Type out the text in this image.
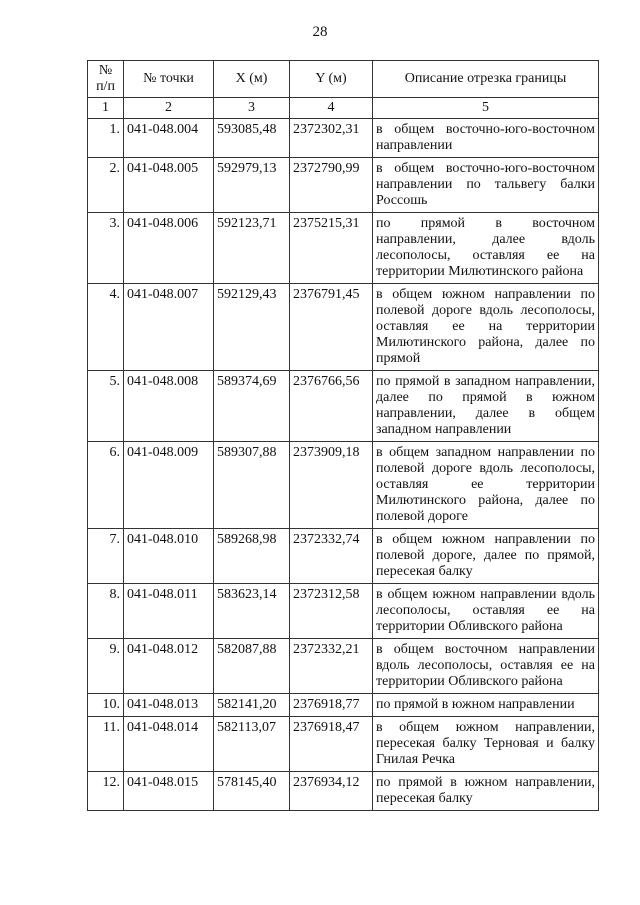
28
№
п/п	№ точки	X (м)	Y (м)	Описание отрезка границы
1	2	3	4	5
1.	041-048.004	593085,48	2372302,31	в общем восточно-юго-восточном направлении
2.	041-048.005	592979,13	2372790,99	в общем восточно-юго-восточном направлении по тальвегу балки Россошь
3.	041-048.006	592123,71	2375215,31	по прямой в восточном направлении, далее вдоль лесополосы, оставляя ее на территории Милютинского района
4.	041-048.007	592129,43	2376791,45	в общем южном направлении по полевой дороге вдоль лесополосы, оставляя ее на территории Милютинского района, далее по прямой
5.	041-048.008	589374,69	2376766,56	по прямой в западном направлении, далее по прямой в южном направлении, далее в общем западном направлении
6.	041-048.009	589307,88	2373909,18	в общем западном направлении по полевой дороге вдоль лесополосы, оставляя ее территории Милютинского района, далее по полевой дороге
7.	041-048.010	589268,98	2372332,74	в общем южном направлении по полевой дороге, далее по прямой, пересекая балку
8.	041-048.011	583623,14	2372312,58	в общем южном направлении вдоль лесополосы, оставляя ее на территории Обливского района
9.	041-048.012	582087,88	2372332,21	в общем восточном направлении вдоль лесополосы, оставляя ее на территории Обливского района
10.	041-048.013	582141,20	2376918,77	по прямой в южном направлении
11.	041-048.014	582113,07	2376918,47	в общем южном направлении, пересекая балку Терновая и балку Гнилая Речка
12.	041-048.015	578145,40	2376934,12	по прямой в южном направлении, пересекая балку
